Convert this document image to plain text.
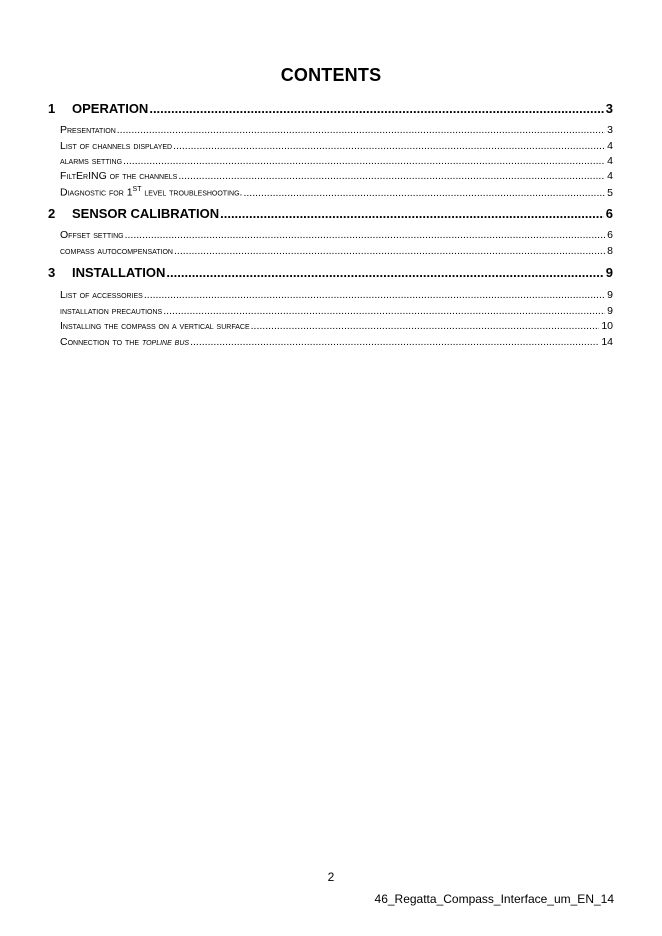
CONTENTS
1	OPERATION .....	3
Presentation .....	3
List of channels displayed .....	4
alarms setting .....	4
FiltErING of the channels .....	4
Diagnostic for 1ST level troubleshooting. .....	5
2	SENSOR CALIBRATION .....	6
Offset setting .....	6
compass autocompensation .....	8
3	INSTALLATION .....	9
List of accessories .....	9
installation precautions .....	9
Installing the compass on a vertical surface .....	10
Connection to the topline bus .....	14
2
46_Regatta_Compass_Interface_um_EN_14
